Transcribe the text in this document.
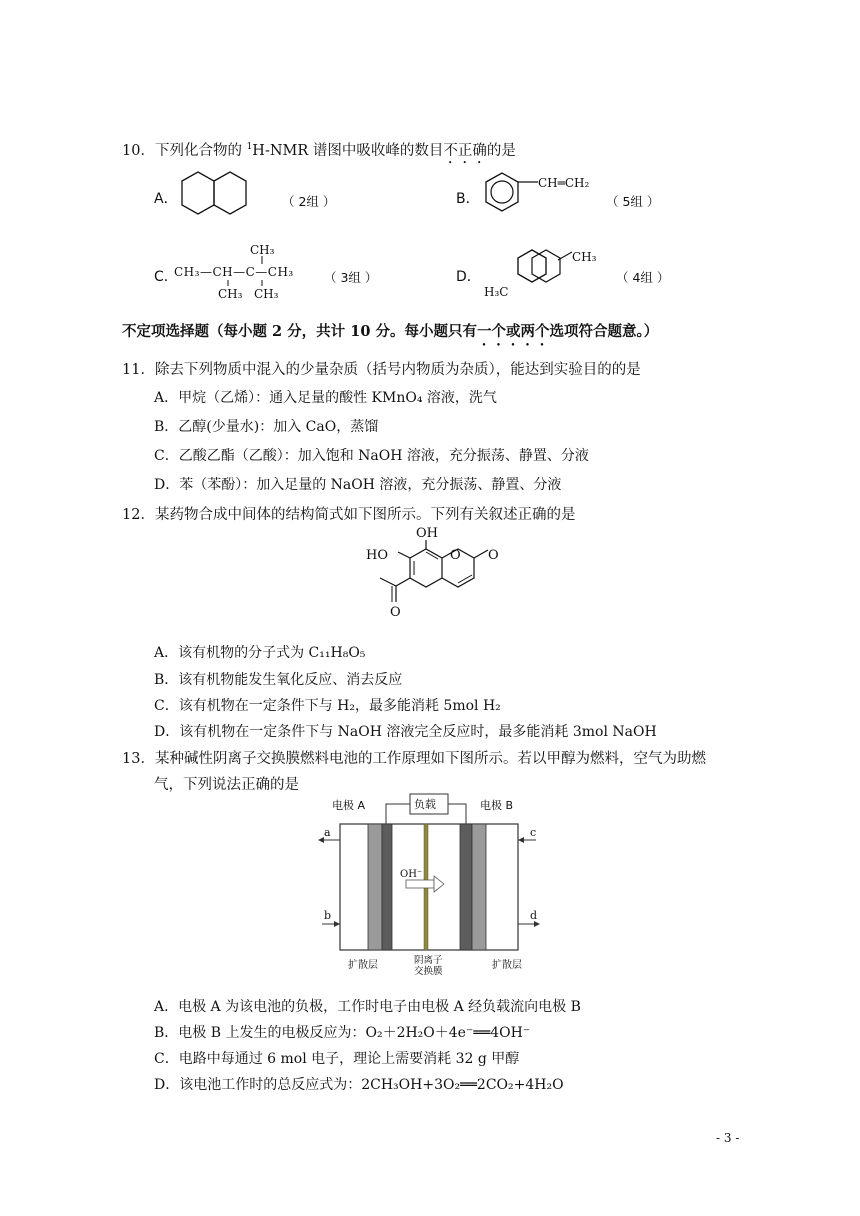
10．下列化合物的 $^1$H-NMR 谱图中吸收峰的数目不正确的是
A．	（ 2组 ）	B．
CH═CH₂
（ 5组 ）
C．
CH₃
CH₃—CH—C—CH₃
CH₃ CH₃
（ 3组 ）	D．
CH₃
H₃C
（ 4组 ）
不定项选择题（每小题 2 分，共计 10 分。每小题只有一个或两个选项符合题意。）
11．除去下列物质中混入的少量杂质（括号内物质为杂质），能达到实验目的的是
A．甲烷（乙烯）：通入足量的酸性 KMnO₄ 溶液，洗气
B．乙醇(少量水)：加入 CaO，蒸馏
C．乙酸乙酯（乙酸）：加入饱和 NaOH 溶液，充分振荡、静置、分液
D．苯（苯酚）：加入足量的 NaOH 溶液，充分振荡、静置、分液
12．某药物合成中间体的结构简式如下图所示。下列有关叙述正确的是
OH
HO	O O
O
A．该有机物的分子式为 C₁₁H₈O₅
B．该有机物能发生氧化反应、消去反应
C．该有机物在一定条件下与 H₂，最多能消耗 5mol H₂
D．该有机物在一定条件下与 NaOH 溶液完全反应时，最多能消耗 3mol NaOH
13．某种碱性阴离子交换膜燃料电池的工作原理如下图所示。若以甲醇为燃料，空气为助燃
气，下列说法正确的是
电极 A	电极 B
负载
a
b
c
d
OH⁻
扩散层	扩散层
阴离子
交换膜
A．电极 A 为该电池的负极，工作时电子由电极 A 经负载流向电极 B
B．电极 B 上发生的电极反应为：O₂＋2H₂O＋4e⁻══4OH⁻
C．电路中每通过 6 mol 电子，理论上需要消耗 32 g 甲醇
D．该电池工作时的总反应式为：2CH₃OH+3O₂══2CO₂+4H₂O
- 3 -
